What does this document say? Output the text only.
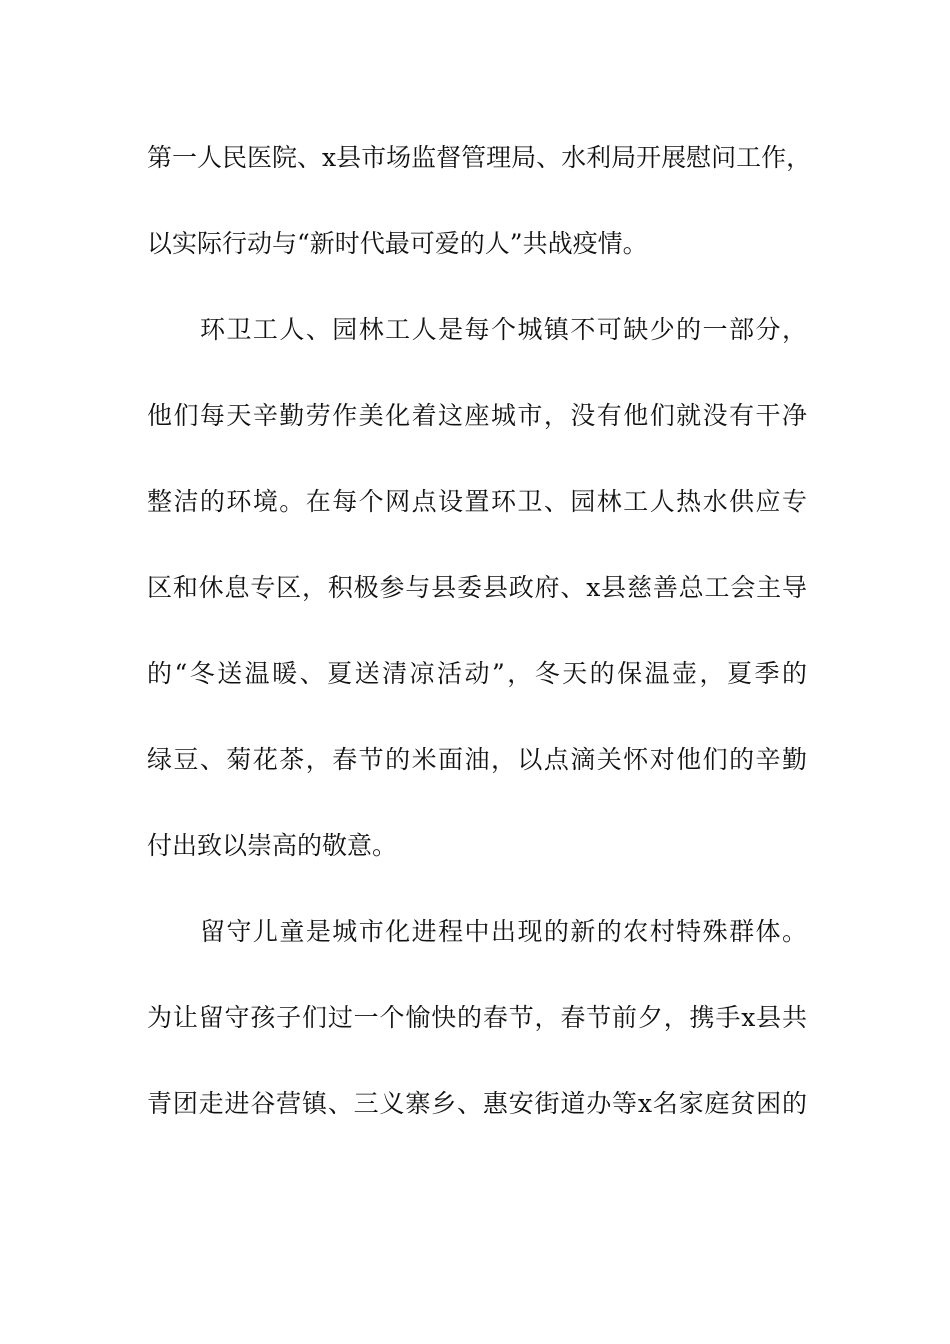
第一人民医院、x县市场监督管理局、水利局开展慰问工作，
以实际行动与“新时代最可爱的人”共战疫情。
环卫工人、园林工人是每个城镇不可缺少的一部分，
他们每天辛勤劳作美化着这座城市，没有他们就没有干净
整洁的环境。在每个网点设置环卫、园林工人热水供应专
区和休息专区，积极参与县委县政府、x县慈善总工会主导
的“冬送温暖、夏送清凉活动”，冬天的保温壶，夏季的
绿豆、菊花茶，春节的米面油，以点滴关怀对他们的辛勤
付出致以崇高的敬意。
留守儿童是城市化进程中出现的新的农村特殊群体。
为让留守孩子们过一个愉快的春节，春节前夕，携手x县共
青团走进谷营镇、三义寨乡、惠安街道办等x名家庭贫困的
